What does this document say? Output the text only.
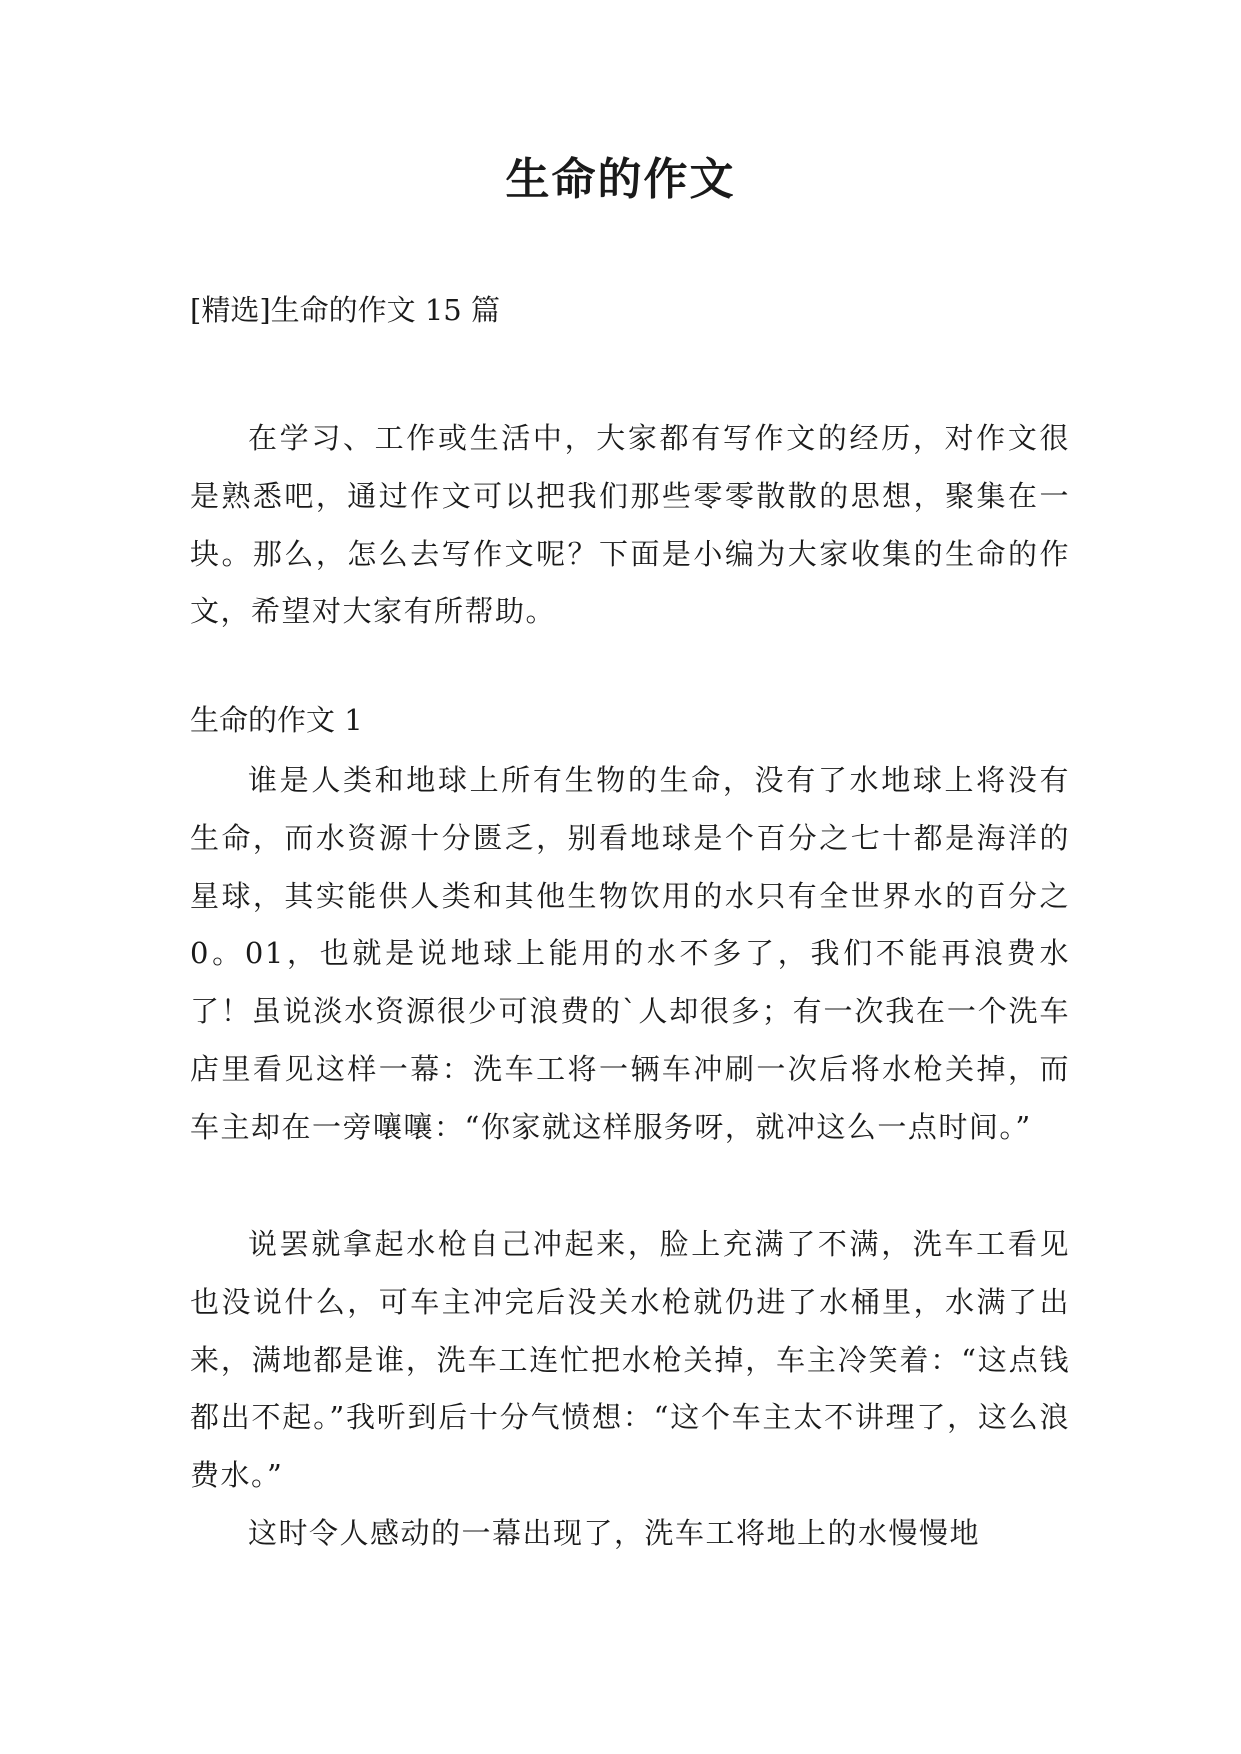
生命的作文

[精选]生命的作文 15 篇

在学习、工作或生活中，大家都有写作文的经历，对作文很是熟悉吧，通过作文可以把我们那些零零散散的思想，聚集在一块。那么，怎么去写作文呢？下面是小编为大家收集的生命的作文，希望对大家有所帮助。

生命的作文 1

谁是人类和地球上所有生物的生命，没有了水地球上将没有生命，而水资源十分匮乏，别看地球是个百分之七十都是海洋的星球，其实能供人类和其他生物饮用的水只有全世界水的百分之 0。01，也就是说地球上能用的水不多了，我们不能再浪费水了！虽说淡水资源很少可浪费的`人却很多；有一次我在一个洗车店里看见这样一幕：洗车工将一辆车冲刷一次后将水枪关掉，而车主却在一旁嚷嚷：“你家就这样服务呀，就冲这么一点时间。”

说罢就拿起水枪自己冲起来，脸上充满了不满，洗车工看见也没说什么，可车主冲完后没关水枪就仍进了水桶里，水满了出来，满地都是谁，洗车工连忙把水枪关掉，车主冷笑着：“这点钱都出不起。”我听到后十分气愤想：“这个车主太不讲理了，这么浪费水。”

这时令人感动的一幕出现了，洗车工将地上的水慢慢地
